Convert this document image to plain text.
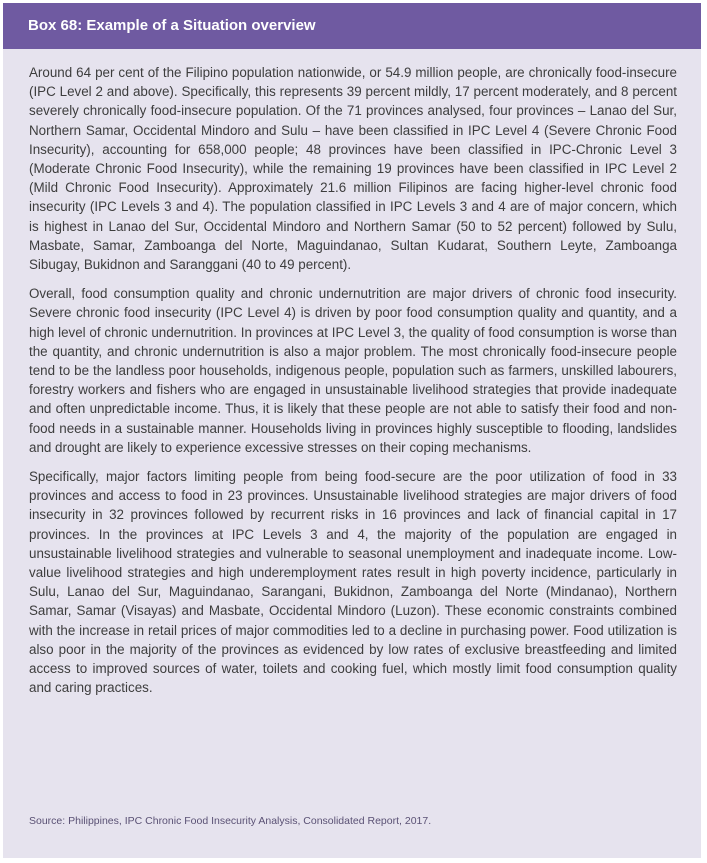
Box 68: Example of a Situation overview

Around 64 per cent of the Filipino population nationwide, or 54.9 million people, are chronically food-insecure (IPC Level 2 and above). Specifically, this represents 39 percent mildly, 17 percent moderately, and 8 percent severely chronically food-insecure population. Of the 71 provinces analysed, four provinces – Lanao del Sur, Northern Samar, Occidental Mindoro and Sulu – have been classified in IPC Level 4 (Severe Chronic Food Insecurity), accounting for 658,000 people; 48 provinces have been classified in IPC-Chronic Level 3 (Moderate Chronic Food Insecurity), while the remaining 19 provinces have been classified in IPC Level 2 (Mild Chronic Food Insecurity). Approximately 21.6 million Filipinos are facing higher-level chronic food insecurity (IPC Levels 3 and 4). The population classified in IPC Levels 3 and 4 are of major concern, which is highest in Lanao del Sur, Occidental Mindoro and Northern Samar (50 to 52 percent) followed by Sulu, Masbate, Samar, Zamboanga del Norte, Maguindanao, Sultan Kudarat, Southern Leyte, Zamboanga Sibugay, Bukidnon and Saranggani (40 to 49 percent).

Overall, food consumption quality and chronic undernutrition are major drivers of chronic food insecurity. Severe chronic food insecurity (IPC Level 4) is driven by poor food consumption quality and quantity, and a high level of chronic undernutrition. In provinces at IPC Level 3, the quality of food consumption is worse than the quantity, and chronic undernutrition is also a major problem. The most chronically food-insecure people tend to be the landless poor households, indigenous people, population such as farmers, unskilled labourers, forestry workers and fishers who are engaged in unsustainable livelihood strategies that provide inadequate and often unpredictable income. Thus, it is likely that these people are not able to satisfy their food and non-food needs in a sustainable manner. Households living in provinces highly susceptible to flooding, landslides and drought are likely to experience excessive stresses on their coping mechanisms.

Specifically, major factors limiting people from being food-secure are the poor utilization of food in 33 provinces and access to food in 23 provinces. Unsustainable livelihood strategies are major drivers of food insecurity in 32 provinces followed by recurrent risks in 16 provinces and lack of financial capital in 17 provinces. In the provinces at IPC Levels 3 and 4, the majority of the population are engaged in unsustainable livelihood strategies and vulnerable to seasonal unemployment and inadequate income. Low-value livelihood strategies and high underemployment rates result in high poverty incidence, particularly in Sulu, Lanao del Sur, Maguindanao, Sarangani, Bukidnon, Zamboanga del Norte (Mindanao), Northern Samar, Samar (Visayas) and Masbate, Occidental Mindoro (Luzon). These economic constraints combined with the increase in retail prices of major commodities led to a decline in purchasing power. Food utilization is also poor in the majority of the provinces as evidenced by low rates of exclusive breastfeeding and limited access to improved sources of water, toilets and cooking fuel, which mostly limit food consumption quality and caring practices.

Source: Philippines, IPC Chronic Food Insecurity Analysis, Consolidated Report, 2017.
